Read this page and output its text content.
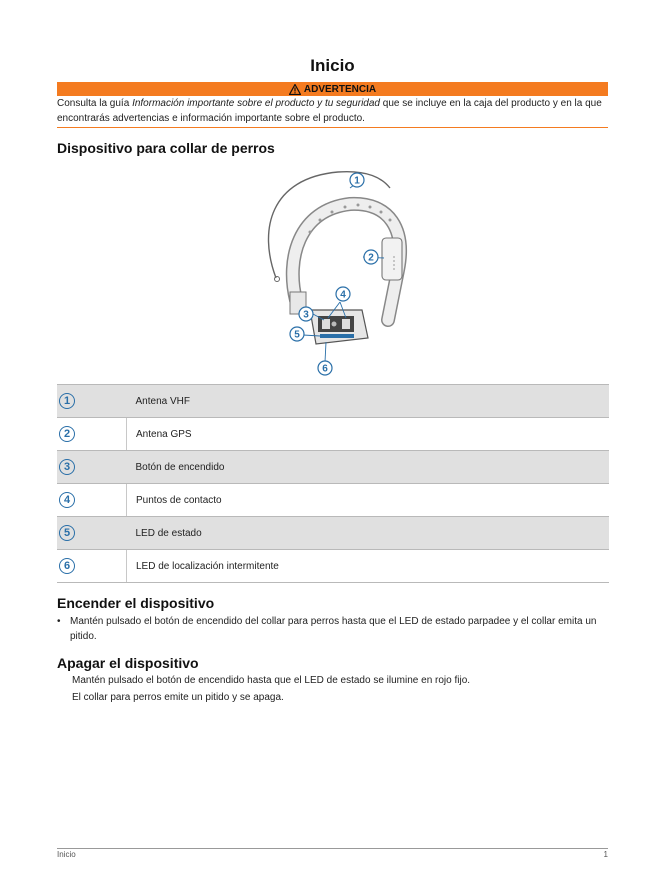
Inicio
ADVERTENCIA
Consulta la guía Información importante sobre el producto y tu seguridad que se incluye en la caja del producto y en la que encontrarás advertencias e información importante sobre el producto.
Dispositivo para collar de perros
1
2
4
3
5
6
1	Antena VHF
2	Antena GPS
3	Botón de encendido
4	Puntos de contacto
5	LED de estado
6	LED de localización intermitente
Encender el dispositivo
• Mantén pulsado el botón de encendido del collar para perros hasta que el LED de estado parpadee y el collar emita un pitido.
Apagar el dispositivo
Mantén pulsado el botón de encendido hasta que el LED de estado se ilumine en rojo fijo.
El collar para perros emite un pitido y se apaga.
Inicio	1
